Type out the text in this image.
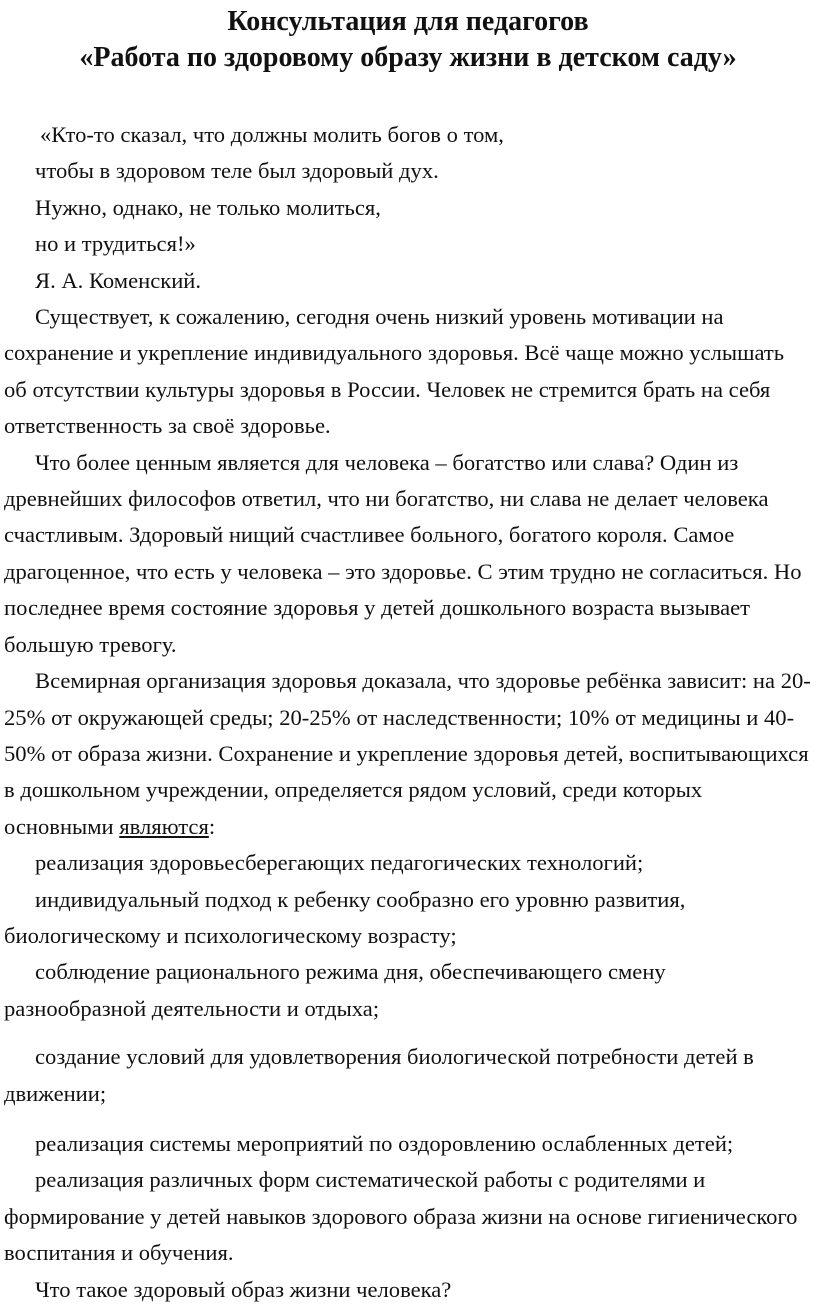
Консультация для педагогов
«Работа по здоровому образу жизни в детском саду»

«Кто-то сказал, что должны молить богов о том,

чтобы в здоровом теле был здоровый дух.

Нужно, однако, не только молиться,

но и трудиться!»

Я. А. Коменский.

Существует, к сожалению, сегодня очень низкий уровень мотивации на сохранение и укрепление индивидуального здоровья. Всё чаще можно услышать об отсутствии культуры здоровья в России. Человек не стремится брать на себя ответственность за своё здоровье.

Что более ценным является для человека – богатство или слава? Один из древнейших философов ответил, что ни богатство, ни слава не делает человека счастливым. Здоровый нищий счастливее больного, богатого короля. Самое драгоценное, что есть у человека – это здоровье. С этим трудно не согласиться. Но последнее время состояние здоровья у детей дошкольного возраста вызывает большую тревогу.

Всемирная организация здоровья доказала, что здоровье ребёнка зависит: на 20-25% от окружающей среды; 20-25% от наследственности; 10% от медицины и 40-50% от образа жизни. Сохранение и укрепление здоровья детей, воспитывающихся в дошкольном учреждении, определяется рядом условий, среди которых основными являются:

реализация здоровьесберегающих педагогических технологий;

индивидуальный подход к ребенку сообразно его уровню развития, биологическому и психологическому возрасту;

соблюдение рационального режима дня, обеспечивающего смену разнообразной деятельности и отдыха;

создание условий для удовлетворения биологической потребности детей в движении;

реализация системы мероприятий по оздоровлению ослабленных детей;

реализация различных форм систематической работы с родителями и формирование у детей навыков здорового образа жизни на основе гигиенического воспитания и обучения.

Что такое здоровый образ жизни человека?
